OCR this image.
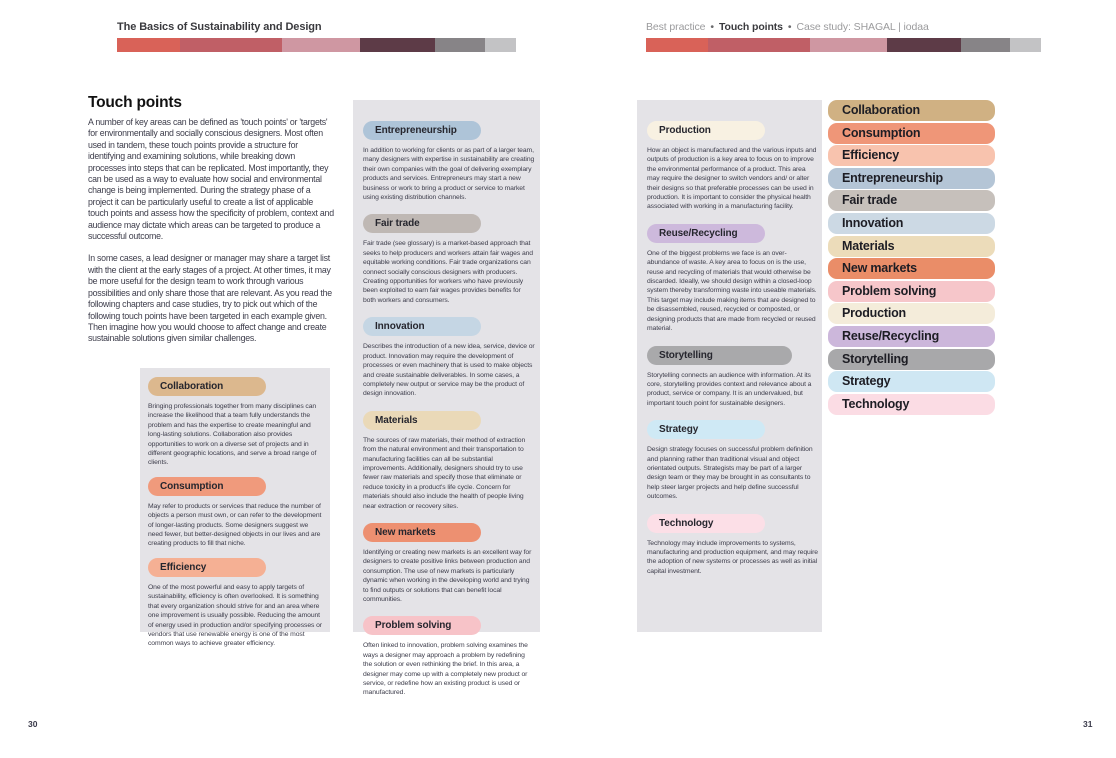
The Basics of Sustainability and Design	Best practice • Touch points • Case study: SHAGAL | iodaa
Touch points

A number of key areas can be defined as 'touch points' or 'targets' for environmentally and socially conscious designers. Most often used in tandem, these touch points provide a structure for identifying and examining solutions, while breaking down processes into steps that can be replicated. Most importantly, they can be used as a way to evaluate how social and environmental change is being implemented. During the strategy phase of a project it can be particularly useful to create a list of applicable touch points and assess how the specificity of problem, context and audience may dictate which areas can be targeted to produce a successful outcome.

In some cases, a lead designer or manager may share a target list with the client at the early stages of a project. At other times, it may be more useful for the design team to work through various possibilities and only share those that are relevant. As you read the following chapters and case studies, try to pick out which of the following touch points have been targeted in each example given. Then imagine how you would choose to affect change and create sustainable solutions given similar challenges.

Collaboration

Bringing professionals together from many disciplines can increase the likelihood that a team fully understands the problem and has the expertise to create meaningful and long-lasting solutions. Collaboration also provides opportunities to work on a diverse set of projects and in different geographic locations, and serve a broad range of clients.

Consumption

May refer to products or services that reduce the number of objects a person must own, or can refer to the development of longer-lasting products. Some designers suggest we need fewer, but better-designed objects in our lives and are creating products to fill that niche.

Efficiency

One of the most powerful and easy to apply targets of sustainability, efficiency is often overlooked. It is something that every organization should strive for and an area where one improvement is usually possible. Reducing the amount of energy used in production and/or specifying processes or vendors that use renewable energy is one of the most common ways to achieve greater efficiency.

Entrepreneurship

In addition to working for clients or as part of a larger team, many designers with expertise in sustainability are creating their own companies with the goal of delivering exemplary products and services. Entrepreneurs may start a new business or work to bring a product or service to market using existing distribution channels.

Fair trade

Fair trade (see glossary) is a market-based approach that seeks to help producers and workers attain fair wages and equitable working conditions. Fair trade organizations can connect socially conscious designers with producers. Creating opportunities for workers who have previously been exploited to earn fair wages provides benefits for both workers and consumers.

Innovation

Describes the introduction of a new idea, service, device or product. Innovation may require the development of processes or even machinery that is used to make objects and create sustainable deliverables. In some cases, a completely new output or service may be the product of design innovation.

Materials

The sources of raw materials, their method of extraction from the natural environment and their transportation to manufacturing facilities can all be substantial improvements. Additionally, designers should try to use fewer raw materials and specify those that eliminate or reduce toxicity in a product's life cycle. Concern for materials should also include the health of people living near extraction or recovery sites.

New markets

Identifying or creating new markets is an excellent way for designers to create positive links between production and consumption. The use of new markets is particularly dynamic when working in the developing world and trying to find outputs or solutions that can benefit local communities.

Problem solving

Often linked to innovation, problem solving examines the ways a designer may approach a problem by redefining the solution or even rethinking the brief. In this area, a designer may come up with a completely new product or service, or redefine how an existing product is used or manufactured.

Production

How an object is manufactured and the various inputs and outputs of production is a key area to focus on to improve the environmental performance of a product. This area may require the designer to switch vendors and/ or alter their designs so that preferable processes can be used in production. It is important to consider the physical health associated with working in a manufacturing facility.

Reuse/Recycling

One of the biggest problems we face is an over-abundance of waste. A key area to focus on is the use, reuse and recycling of materials that would otherwise be discarded. Ideally, we should design within a closed-loop system thereby transforming waste into useable materials. This target may include making items that are designed to be disassembled, reused, recycled or composted, or designing products that are made from recycled or reused material.

Storytelling

Storytelling connects an audience with information. At its core, storytelling provides context and relevance about a product, service or company. It is an undervalued, but important touch point for sustainable designers.

Strategy

Design strategy focuses on successful problem definition and planning rather than traditional visual and object orientated outputs. Strategists may be part of a larger design team or they may be brought in as consultants to help steer larger projects and help define successful outcomes.

Technology

Technology may include improvements to systems, manufacturing and production equipment, and may require the adoption of new systems or processes as well as initial capital investment.

Collaboration
Consumption
Efficiency
Entrepreneurship
Fair trade
Innovation
Materials
New markets
Problem solving
Production
Reuse/Recycling
Storytelling
Strategy
Technology
30	31
